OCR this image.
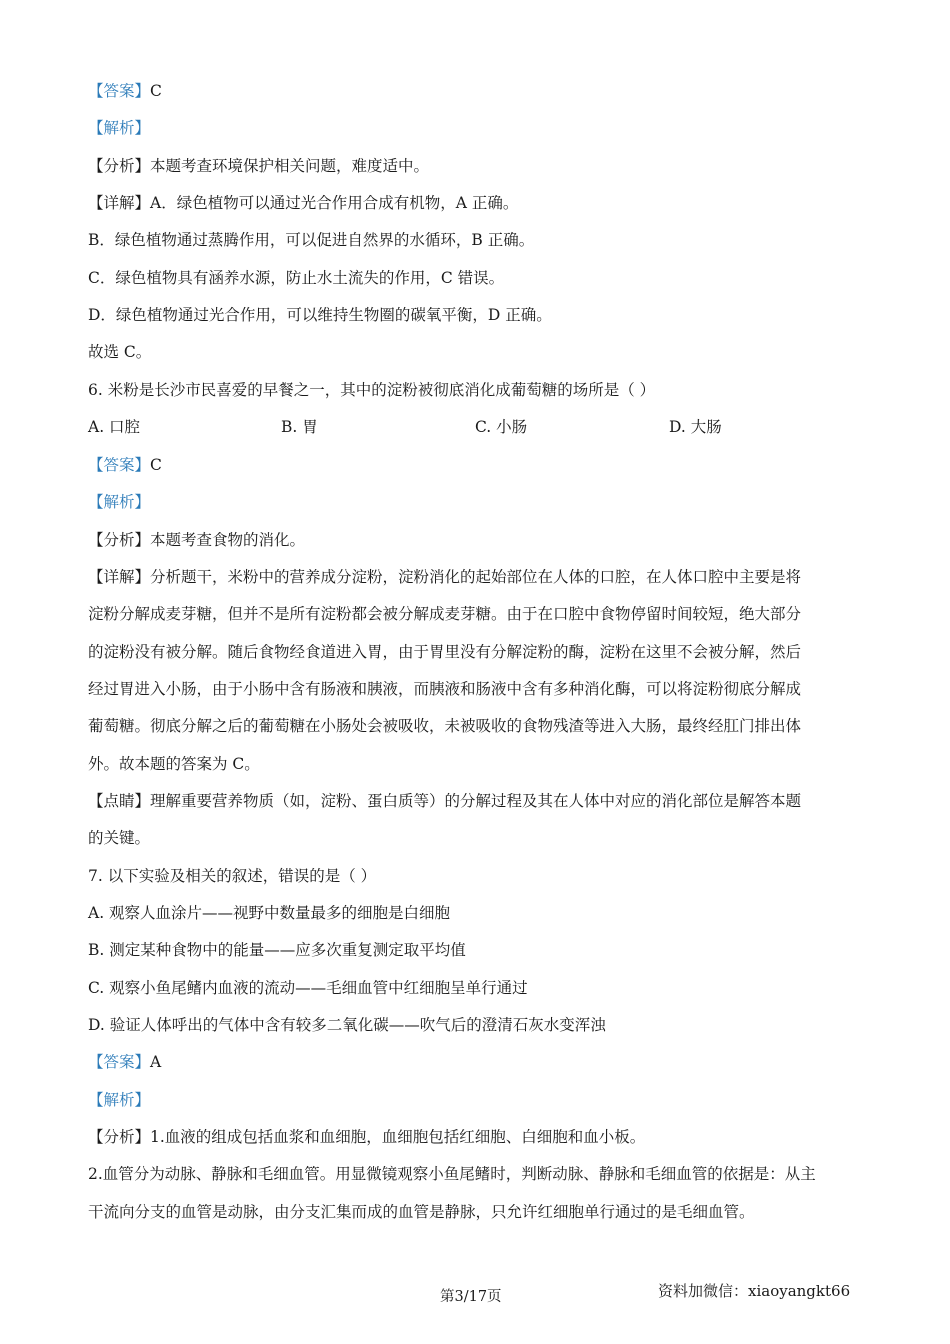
【答案】C
【解析】
【分析】本题考查环境保护相关问题，难度适中。
【详解】A．绿色植物可以通过光合作用合成有机物，A 正确。
B．绿色植物通过蒸腾作用，可以促进自然界的水循环，B 正确。
C．绿色植物具有涵养水源，防止水土流失的作用，C 错误。
D．绿色植物通过光合作用，可以维持生物圈的碳氧平衡，D 正确。
故选 C。
6. 米粉是长沙市民喜爱的早餐之一，其中的淀粉被彻底消化成葡萄糖的场所是（ ）
A. 口腔	B. 胃	C. 小肠	D. 大肠
【答案】C
【解析】
【分析】本题考查食物的消化。
【详解】分析题干，米粉中的营养成分淀粉，淀粉消化的起始部位在人体的口腔，在人体口腔中主要是将
淀粉分解成麦芽糖，但并不是所有淀粉都会被分解成麦芽糖。由于在口腔中食物停留时间较短，绝大部分
的淀粉没有被分解。随后食物经食道进入胃，由于胃里没有分解淀粉的酶，淀粉在这里不会被分解，然后
经过胃进入小肠，由于小肠中含有肠液和胰液，而胰液和肠液中含有多种消化酶，可以将淀粉彻底分解成
葡萄糖。彻底分解之后的葡萄糖在小肠处会被吸收，未被吸收的食物残渣等进入大肠，最终经肛门排出体
外。故本题的答案为 C。
【点睛】理解重要营养物质（如，淀粉、蛋白质等）的分解过程及其在人体中对应的消化部位是解答本题
的关键。
7. 以下实验及相关的叙述，错误的是（ ）
A. 观察人血涂片——视野中数量最多的细胞是白细胞
B. 测定某种食物中的能量——应多次重复测定取平均值
C. 观察小鱼尾鳍内血液的流动——毛细血管中红细胞呈单行通过
D. 验证人体呼出的气体中含有较多二氧化碳——吹气后的澄清石灰水变浑浊
【答案】A
【解析】
【分析】1.血液的组成包括血浆和血细胞，血细胞包括红细胞、白细胞和血小板。
2.血管分为动脉、静脉和毛细血管。用显微镜观察小鱼尾鳍时，判断动脉、静脉和毛细血管的依据是：从主
干流向分支的血管是动脉，由分支汇集而成的血管是静脉，只允许红细胞单行通过的是毛细血管。
第3/17页	资料加微信：xiaoyangkt66
